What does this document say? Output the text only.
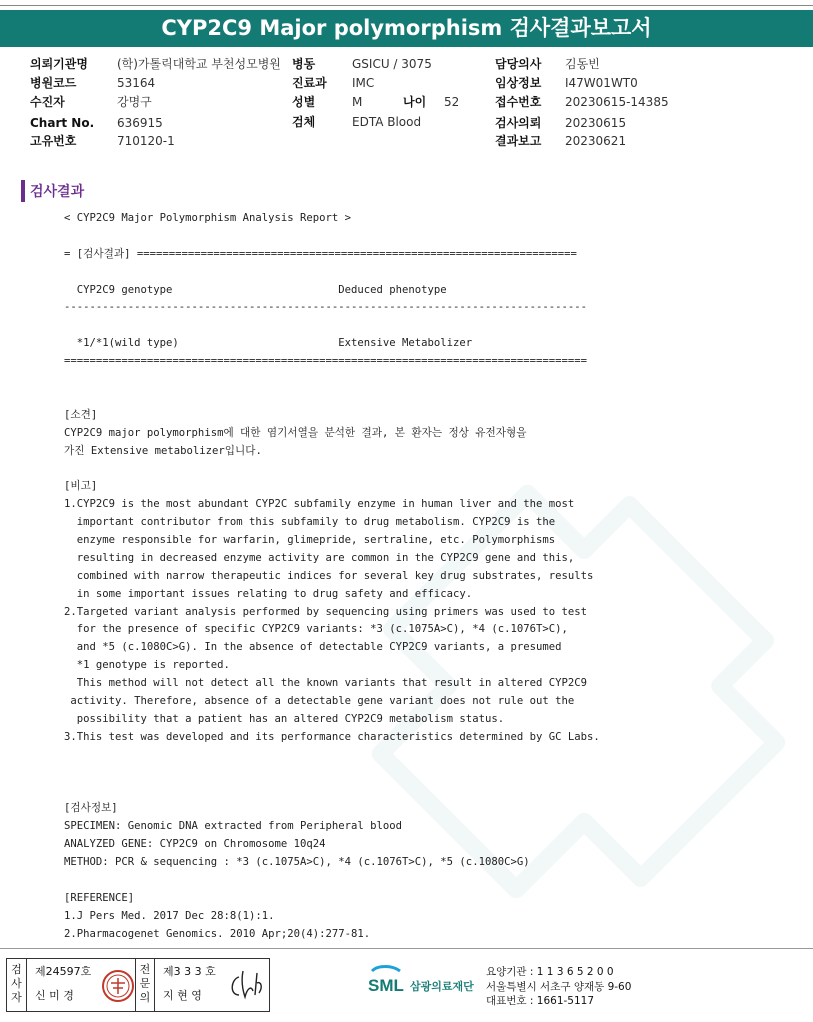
CYP2C9 Major polymorphism 검사결과보고서
의뢰기관명 (학)가톨릭대학교 부천성모병원
병원코드	53164
수진자	강명구
Chart No. 636915
고유번호	710120-1
병동	GSICU / 3075
진료과 IMC
성별	M	나이 52
검체	EDTA Blood
담당의사 김동빈
임상정보 I47W01WT0
접수번호 20230615-14385
검사의뢰 20230615
결과보고 20230621
검사결과
< CYP2C9 Major Polymorphism Analysis Report >
= [검사결과] =====================================================================
CYP2C9 genotype                          Deduced phenotype
----------------------------------------------------------------------------------
*1/*1(wild type)                         Extensive Metabolizer
==================================================================================
[소견]
CYP2C9 major polymorphism에 대한 염기서열을 분석한 결과, 본 환자는 정상 유전자형을
가진 Extensive metabolizer입니다.
[비고]
1.CYP2C9 is the most abundant CYP2C subfamily enzyme in human liver and the most
important contributor from this subfamily to drug metabolism. CYP2C9 is the
enzyme responsible for warfarin, glimepride, sertraline, etc. Polymorphisms
resulting in decreased enzyme activity are common in the CYP2C9 gene and this,
combined with narrow therapeutic indices for several key drug substrates, results
in some important issues relating to drug safety and efficacy.
2.Targeted variant analysis performed by sequencing using primers was used to test
for the presence of specific CYP2C9 variants: *3 (c.1075A>C), *4 (c.1076T>C),
and *5 (c.1080C>G). In the absence of detectable CYP2C9 variants, a presumed
*1 genotype is reported.
This method will not detect all the known variants that result in altered CYP2C9
activity. Therefore, absence of a detectable gene variant does not rule out the
possibility that a patient has an altered CYP2C9 metabolism status.
3.This test was developed and its performance characteristics determined by GC Labs.
[검사정보]
SPECIMEN: Genomic DNA extracted from Peripheral blood
ANALYZED GENE: CYP2C9 on Chromosome 10q24
METHOD: PCR & sequencing : *3 (c.1075A>C), *4 (c.1076T>C), *5 (c.1080C>G)
[REFERENCE]
1.J Pers Med. 2017 Dec 28:8(1):1.
2.Pharmacogenet Genomics. 2010 Apr;20(4):277-81.
검사자
제24597호
신 미 경
전문의
제3 3 3 호
지 현 영
SML 삼광의료재단
요양기관 : 1 1 3 6 5 2 0 0
서울특별시 서초구 양재동 9-60
대표번호 : 1661-5117
